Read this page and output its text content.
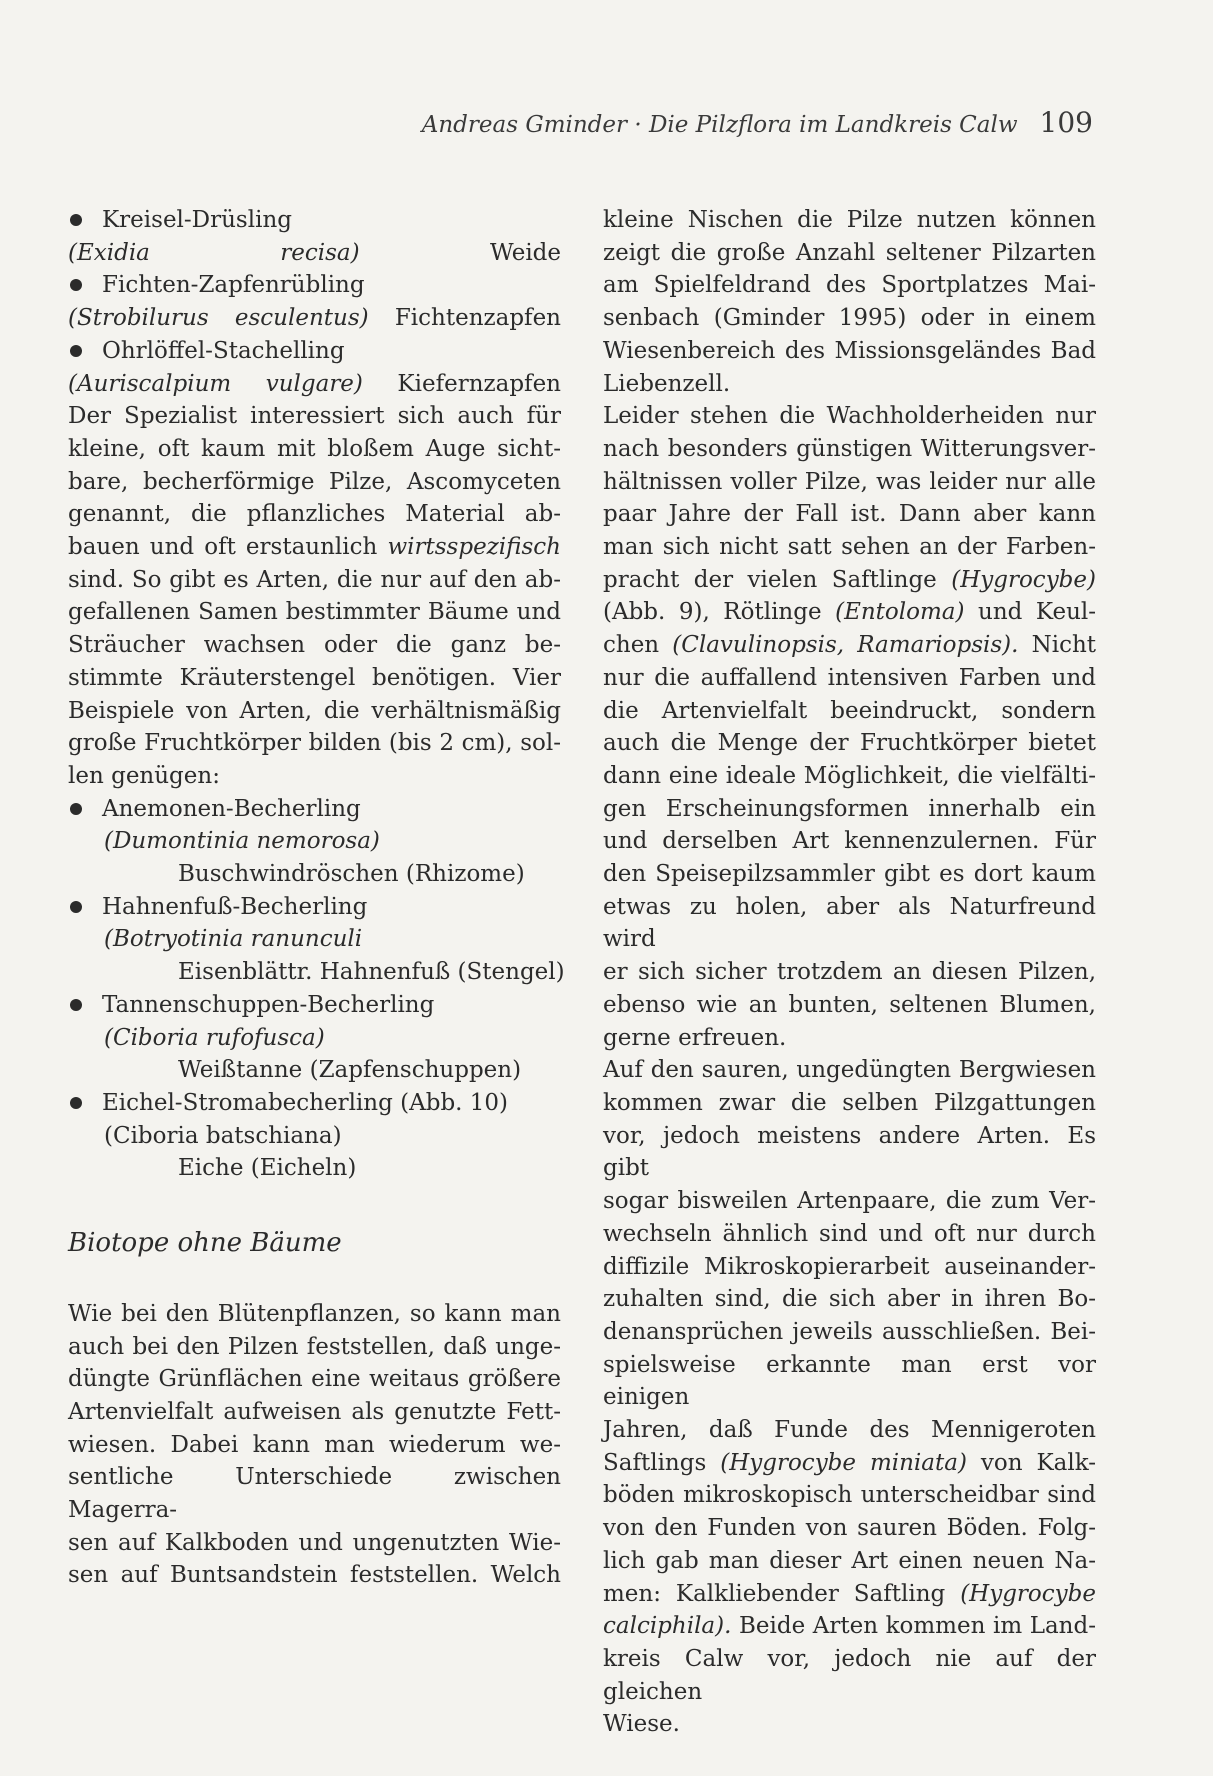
Andreas Gminder · Die Pilzflora im Landkreis Calw 109
Kreisel-Drüsling
(Exidia recisa)	Weide
Fichten-Zapfenrübling
(Strobilurus esculentus) Fichtenzapfen
Ohrlöffel-Stachelling
(Auriscalpium vulgare) Kiefernzapfen
Der Spezialist interessiert sich auch für
kleine, oft kaum mit bloßem Auge sicht-
bare, becherförmige Pilze, Ascomyceten
genannt, die pflanzliches Material ab-
bauen und oft erstaunlich wirtsspezifisch
sind. So gibt es Arten, die nur auf den ab-
gefallenen Samen bestimmter Bäume und
Sträucher wachsen oder die ganz be-
stimmte Kräuterstengel benötigen. Vier
Beispiele von Arten, die verhältnismäßig
große Fruchtkörper bilden (bis 2 cm), sol-
len genügen:
Anemonen-Becherling
(Dumontinia nemorosa)
Buschwindröschen (Rhizome)
Hahnenfuß-Becherling
(Botryotinia ranunculi
Eisenblättr. Hahnenfuß (Stengel)
Tannenschuppen-Becherling
(Ciboria rufofusca)
Weißtanne (Zapfenschuppen)
Eichel-Stromabecherling (Abb. 10)
(Ciboria batschiana)
Eiche (Eicheln)
Biotope ohne Bäume
Wie bei den Blütenpflanzen, so kann man
auch bei den Pilzen feststellen, daß unge-
düngte Grünflächen eine weitaus größere
Artenvielfalt aufweisen als genutzte Fett-
wiesen. Dabei kann man wiederum we-
sentliche Unterschiede zwischen Magerra-
sen auf Kalkboden und ungenutzten Wie-
sen auf Buntsandstein feststellen. Welch
kleine Nischen die Pilze nutzen können
zeigt die große Anzahl seltener Pilzarten
am Spielfeldrand des Sportplatzes Mai-
senbach (Gminder 1995) oder in einem
Wiesenbereich des Missionsgeländes Bad
Liebenzell.
Leider stehen die Wachholderheiden nur
nach besonders günstigen Witterungsver-
hältnissen voller Pilze, was leider nur alle
paar Jahre der Fall ist. Dann aber kann
man sich nicht satt sehen an der Farben-
pracht der vielen Saftlinge (Hygrocybe)
(Abb. 9), Rötlinge (Entoloma) und Keul-
chen (Clavulinopsis, Ramariopsis). Nicht
nur die auffallend intensiven Farben und
die Artenvielfalt beeindruckt, sondern
auch die Menge der Fruchtkörper bietet
dann eine ideale Möglichkeit, die vielfälti-
gen Erscheinungsformen innerhalb ein
und derselben Art kennenzulernen. Für
den Speisepilzsammler gibt es dort kaum
etwas zu holen, aber als Naturfreund wird
er sich sicher trotzdem an diesen Pilzen,
ebenso wie an bunten, seltenen Blumen,
gerne erfreuen.
Auf den sauren, ungedüngten Bergwiesen
kommen zwar die selben Pilzgattungen
vor, jedoch meistens andere Arten. Es gibt
sogar bisweilen Artenpaare, die zum Ver-
wechseln ähnlich sind und oft nur durch
diffizile Mikroskopierarbeit auseinander-
zuhalten sind, die sich aber in ihren Bo-
denansprüchen jeweils ausschließen. Bei-
spielsweise erkannte man erst vor einigen
Jahren, daß Funde des Mennigeroten
Saftlings (Hygrocybe miniata) von Kalk-
böden mikroskopisch unterscheidbar sind
von den Funden von sauren Böden. Folg-
lich gab man dieser Art einen neuen Na-
men: Kalkliebender Saftling (Hygrocybe
calciphila). Beide Arten kommen im Land-
kreis Calw vor, jedoch nie auf der gleichen
Wiese.
